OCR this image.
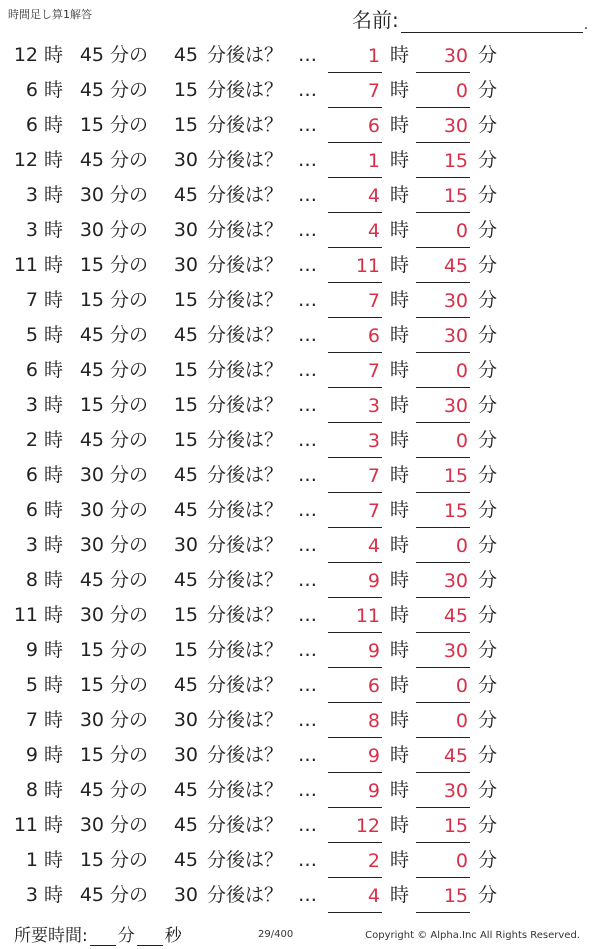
時間足し算1解答	名前:	.
12 時 45 分の 45 分後は？ …	1 時	30 分
6 時 45 分の 15 分後は？ …	7 時	0 分
6 時 15 分の 15 分後は？ …	6 時	30 分
12 時 45 分の 30 分後は？ …	1 時	15 分
3 時 30 分の 45 分後は？ …	4 時	15 分
3 時 30 分の 30 分後は？ …	4 時	0 分
11 時 15 分の 30 分後は？ …	11 時	45 分
7 時 15 分の 15 分後は？ …	7 時	30 分
5 時 45 分の 45 分後は？ …	6 時	30 分
6 時 45 分の 15 分後は？ …	7 時	0 分
3 時 15 分の 15 分後は？ …	3 時	30 分
2 時 45 分の 15 分後は？ …	3 時	0 分
6 時 30 分の 45 分後は？ …	7 時	15 分
6 時 30 分の 45 分後は？ …	7 時	15 分
3 時 30 分の 30 分後は？ …	4 時	0 分
8 時 45 分の 45 分後は？ …	9 時	30 分
11 時 30 分の 15 分後は？ …	11 時	45 分
9 時 15 分の 15 分後は？ …	9 時	30 分
5 時 15 分の 45 分後は？ …	6 時	0 分
7 時 30 分の 30 分後は？ …	8 時	0 分
9 時 15 分の 30 分後は？ …	9 時	45 分
8 時 45 分の 45 分後は？ …	9 時	30 分
11 時 30 分の 45 分後は？ …	12 時	15 分
1 時 15 分の 45 分後は？ …	2 時	0 分
3 時 45 分の 30 分後は？ …	4 時	15 分
所要時間: 分 秒	29/400	Copyright © Alpha.Inc All Rights Reserved.
